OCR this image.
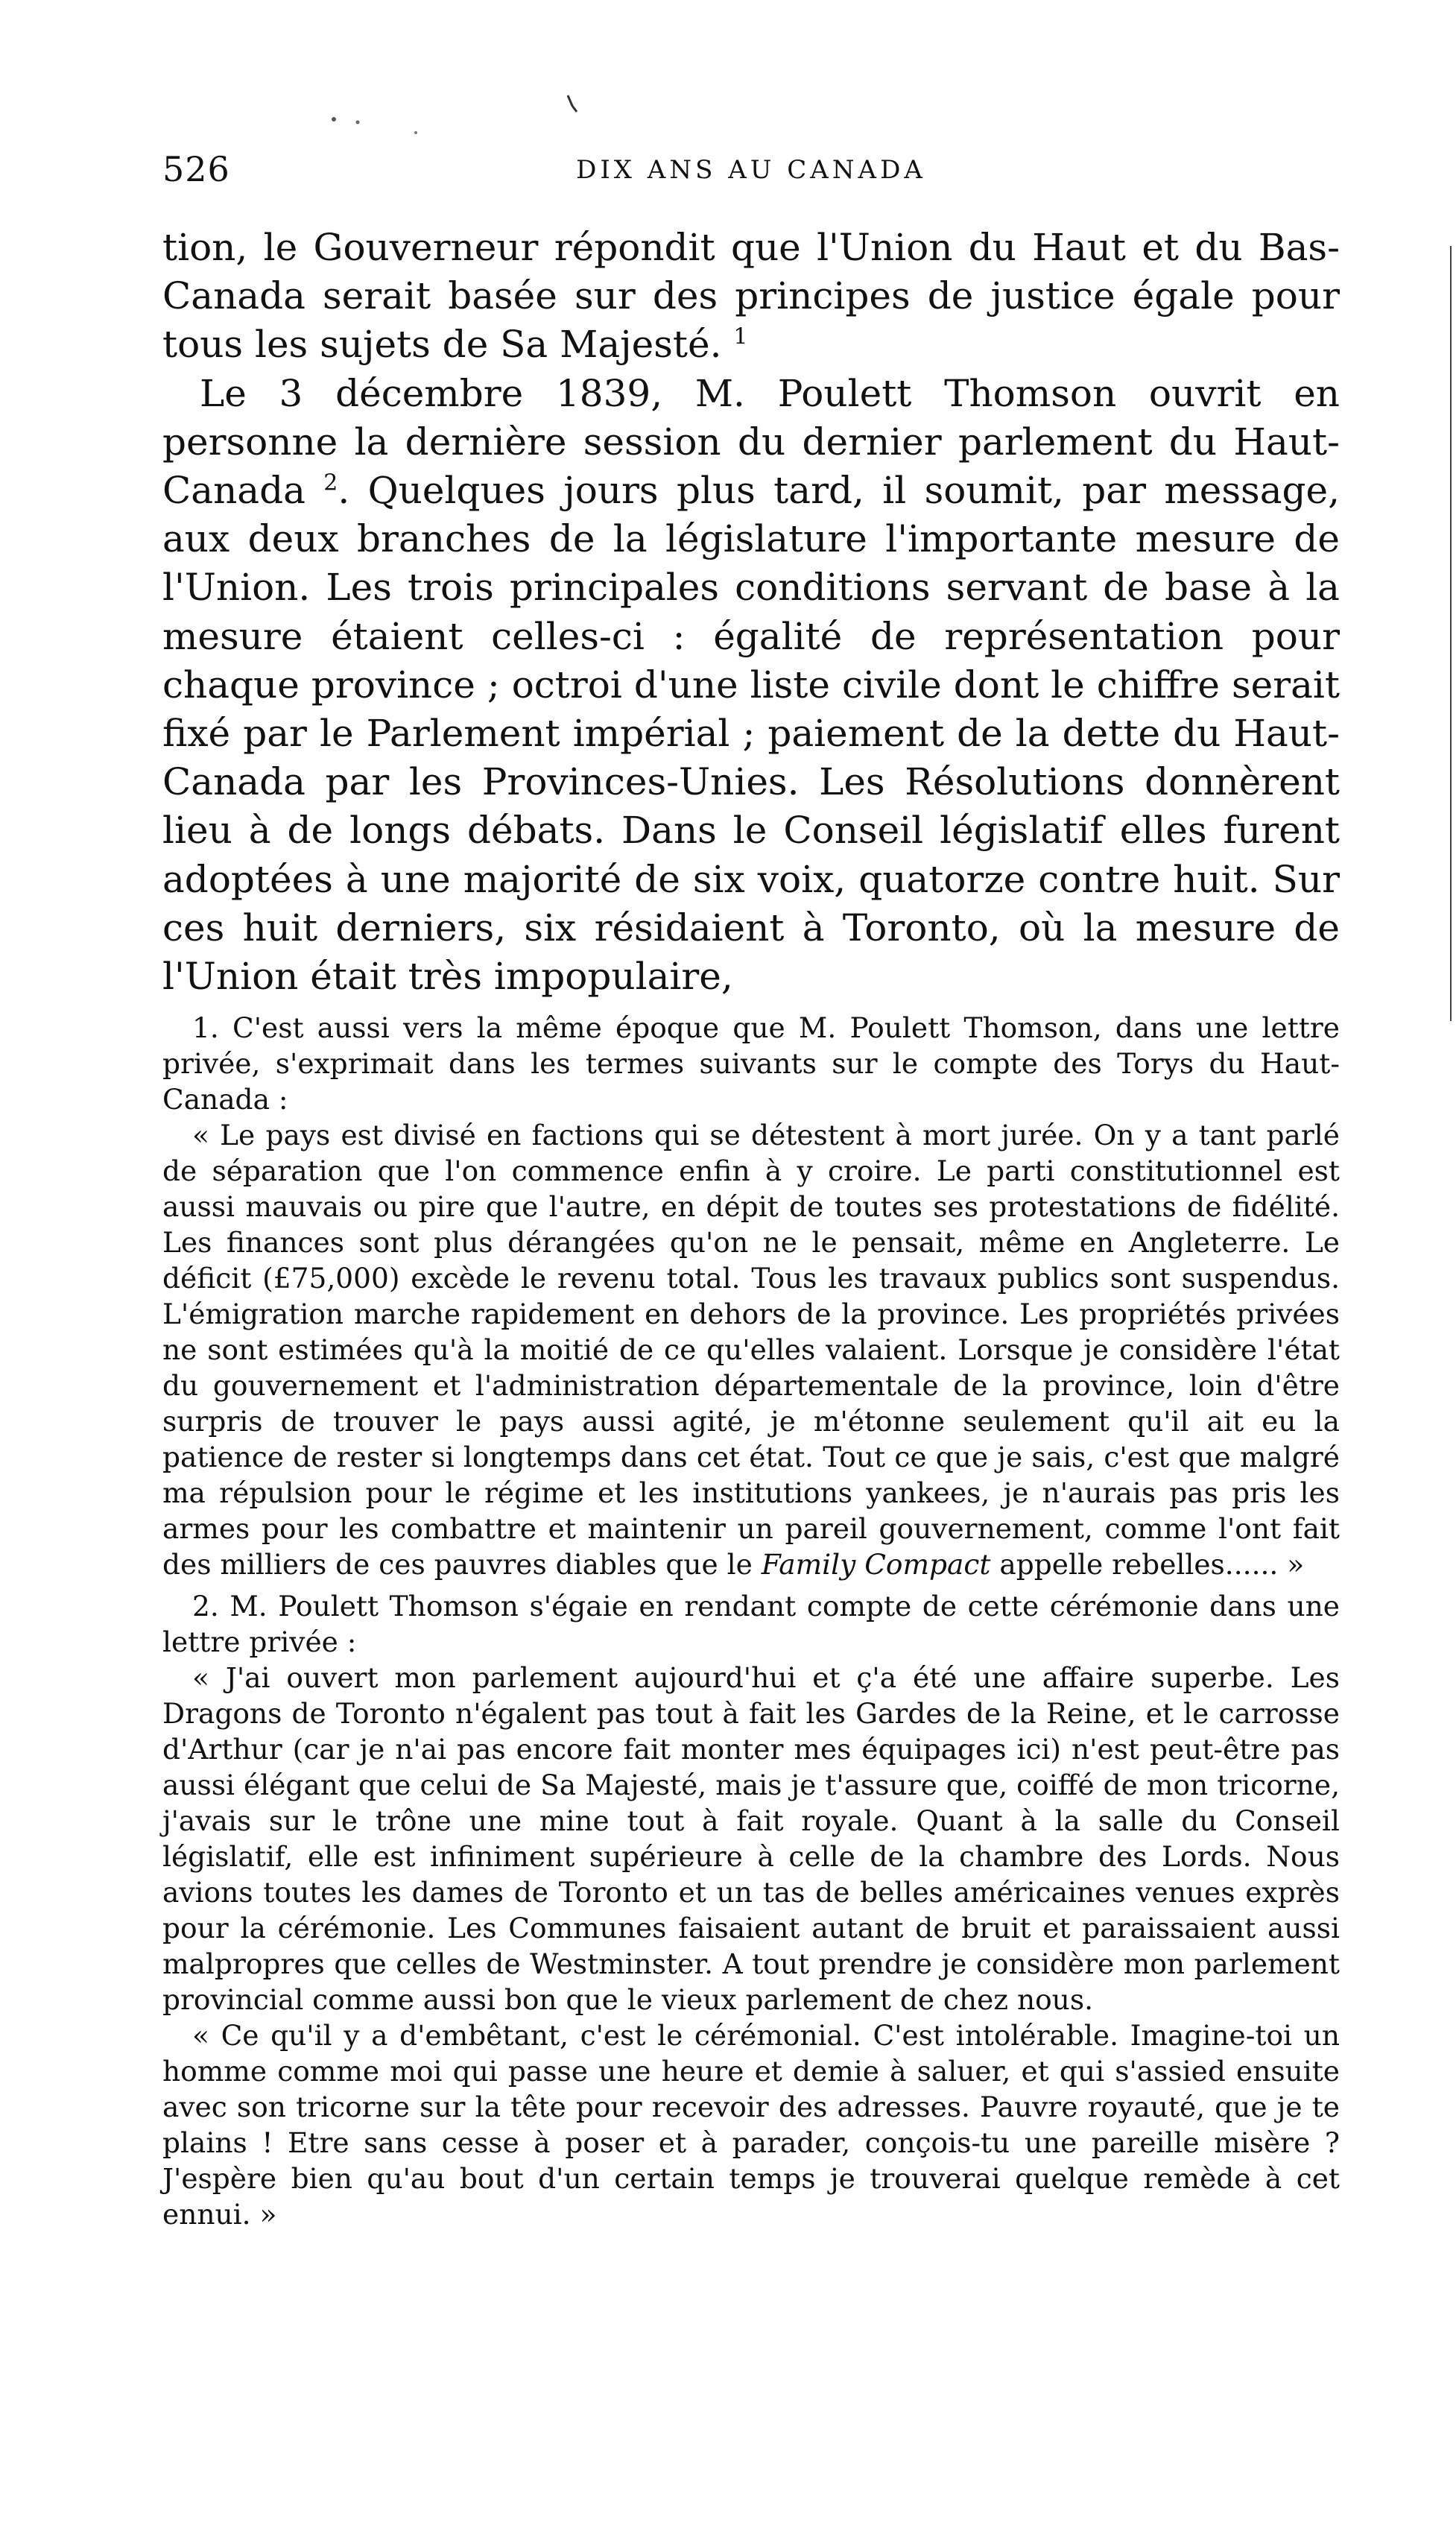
526	DIX ANS AU CANADA

tion, le Gouverneur répondit que l'Union du Haut et du Bas-Canada serait basée sur des principes de justice égale pour tous les sujets de Sa Majesté. $^1$

Le 3 décembre 1839, M. Poulett Thomson ouvrit en personne la dernière session du dernier parlement du Haut-Canada $^2$. Quelques jours plus tard, il soumit, par message, aux deux branches de la législature l'importante mesure de l'Union. Les trois principales conditions servant de base à la mesure étaient celles-ci : égalité de représentation pour chaque province ; octroi d'une liste civile dont le chiffre serait fixé par le Parlement impérial ; paiement de la dette du Haut-Canada par les Provinces-Unies. Les Résolutions donnèrent lieu à de longs débats. Dans le Conseil législatif elles furent adoptées à une majorité de six voix, quatorze contre huit. Sur ces huit derniers, six résidaient à Toronto, où la mesure de l'Union était très impopulaire,

1. C'est aussi vers la même époque que M. Poulett Thomson, dans une lettre privée, s'exprimait dans les termes suivants sur le compte des Torys du Haut-Canada :

« Le pays est divisé en factions qui se détestent à mort jurée. On y a tant parlé de séparation que l'on commence enfin à y croire. Le parti constitutionnel est aussi mauvais ou pire que l'autre, en dépit de toutes ses protestations de fidélité. Les finances sont plus dérangées qu'on ne le pensait, même en Angleterre. Le déficit (£75,000) excède le revenu total. Tous les travaux publics sont suspendus. L'émigration marche rapidement en dehors de la province. Les propriétés privées ne sont estimées qu'à la moitié de ce qu'elles valaient. Lorsque je considère l'état du gouvernement et l'administration départementale de la province, loin d'être surpris de trouver le pays aussi agité, je m'étonne seulement qu'il ait eu la patience de rester si longtemps dans cet état. Tout ce que je sais, c'est que malgré ma répulsion pour le régime et les institutions yankees, je n'aurais pas pris les armes pour les combattre et maintenir un pareil gouvernement, comme l'ont fait des milliers de ces pauvres diables que le Family Compact appelle rebelles...... »

2. M. Poulett Thomson s'égaie en rendant compte de cette cérémonie dans une lettre privée :

« J'ai ouvert mon parlement aujourd'hui et ç'a été une affaire superbe. Les Dragons de Toronto n'égalent pas tout à fait les Gardes de la Reine, et le carrosse d'Arthur (car je n'ai pas encore fait monter mes équipages ici) n'est peut-être pas aussi élégant que celui de Sa Majesté, mais je t'assure que, coiffé de mon tricorne, j'avais sur le trône une mine tout à fait royale. Quant à la salle du Conseil législatif, elle est infiniment supérieure à celle de la chambre des Lords. Nous avions toutes les dames de Toronto et un tas de belles américaines venues exprès pour la cérémonie. Les Communes faisaient autant de bruit et paraissaient aussi malpropres que celles de Westminster. A tout prendre je considère mon parlement provincial comme aussi bon que le vieux parlement de chez nous.

« Ce qu'il y a d'embêtant, c'est le cérémonial. C'est intolérable. Imagine-toi un homme comme moi qui passe une heure et demie à saluer, et qui s'assied ensuite avec son tricorne sur la tête pour recevoir des adresses. Pauvre royauté, que je te plains ! Etre sans cesse à poser et à parader, conçois-tu une pareille misère ? J'espère bien qu'au bout d'un certain temps je trouverai quelque remède à cet ennui. »
